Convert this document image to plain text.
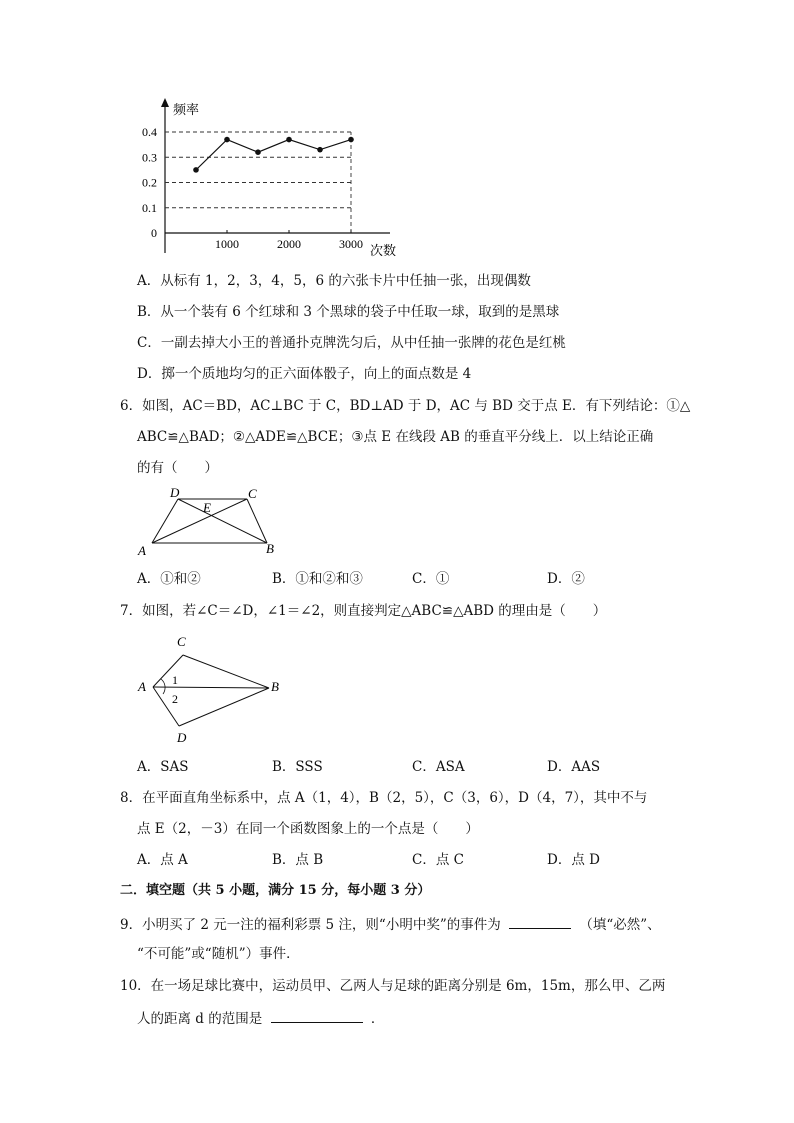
频率
次数
0
0.1
0.2
0.3
0.4
1000	2000	3000
A．从标有 1，2，3，4，5，6 的六张卡片中任抽一张，出现偶数
B．从一个装有 6 个红球和 3 个黑球的袋子中任取一球，取到的是黑球
C．一副去掉大小王的普通扑克牌洗匀后，从中任抽一张牌的花色是红桃
D．掷一个质地均匀的正六面体骰子，向上的面点数是 4
6．如图，AC＝BD，AC⊥BC 于 C，BD⊥AD 于 D，AC 与 BD 交于点 E．有下列结论：①△
ABC≌△BAD；②△ADE≌△BCE；③点 E 在线段 AB 的垂直平分线上．以上结论正确
的有（　　）
A	B
C
D
E
A．①和②	B．①和②和③	C．①	D．②
7．如图，若∠C＝∠D，∠1＝∠2，则直接判定△ABC≌△ABD 的理由是（　　）
A	B
C
D
1
2
A．SAS	B．SSS	C．ASA	D．AAS
8．在平面直角坐标系中，点 A（1，4），B（2，5），C（3，6），D（4，7），其中不与
点 E（2，－3）在同一个函数图象上的一个点是（　　）
A．点 A	B．点 B	C．点 C	D．点 D
二．填空题（共 5 小题，满分 15 分，每小题 3 分）
9．小明买了 2 元一注的福利彩票 5 注，则“小明中奖”的事件为	（填“必然”、
“不可能”或“随机”）事件．
10．在一场足球比赛中，运动员甲、乙两人与足球的距离分别是 6m，15m，那么甲、乙两
人的距离 d 的范围是	．
